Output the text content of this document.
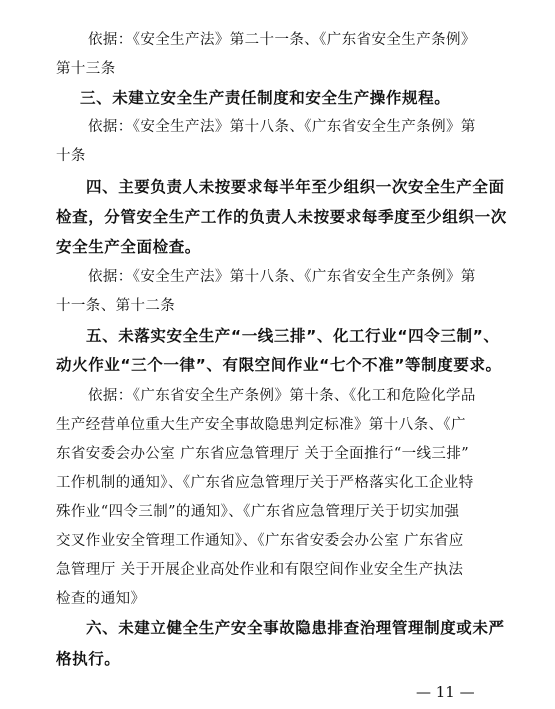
依据：《安全生产法》第二十一条、《广东省安全生产条例》
第十三条
三、未建立安全生产责任制度和安全生产操作规程。
依据：《安全生产法》第十八条、《广东省安全生产条例》第
十条
四、主要负责人未按要求每半年至少组织一次安全生产全面
检查，分管安全生产工作的负责人未按要求每季度至少组织一次
安全生产全面检查。
依据：《安全生产法》第十八条、《广东省安全生产条例》第
十一条、第十二条
五、未落实安全生产“一线三排”、化工行业“四令三制”、
动火作业“三个一律”、有限空间作业“七个不准”等制度要求。
依据：《广东省安全生产条例》第十条、《化工和危险化学品
生产经营单位重大生产安全事故隐患判定标准》第十八条、《广
东省安委会办公室 广东省应急管理厅 关于全面推行“一线三排”
工作机制的通知》、《广东省应急管理厅关于严格落实化工企业特
殊作业“四令三制”的通知》、《广东省应急管理厅关于切实加强
交叉作业安全管理工作通知》、《广东省安委会办公室 广东省应
急管理厅 关于开展企业高处作业和有限空间作业安全生产执法
检查的通知》
六、未建立健全生产安全事故隐患排查治理管理制度或未严
格执行。
— 11 —
